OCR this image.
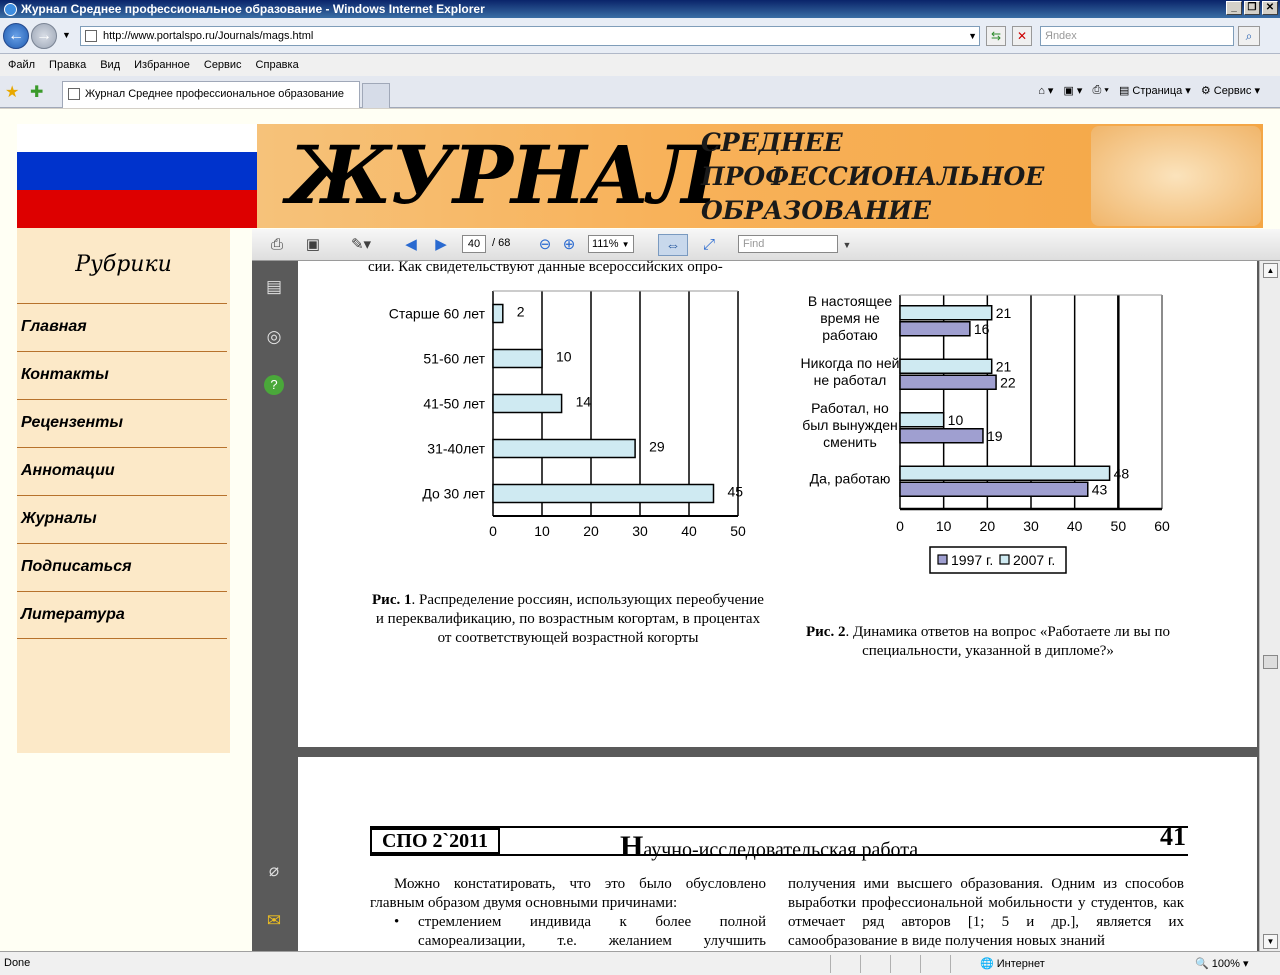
Журнал Среднее профессиональное образование - Windows Internet Explorer	_	❐ ✕
← →	▼	http://www.portalspo.ru/Journals/mags.html	▼	⇆	✕	Яndex	⌕
Файл Правка Вид Избранное Сервис Справка
★ ✚	Журнал Среднее профессиональное образование	⌂ ▾ ▣ ▾ ⎙ ▾ ▤ Страница ▾ ⚙ Сервис ▾
ЖУРНАЛ
СРЕДНЕЕ
ПРОФЕССИОНАЛЬНОЕ
ОБРАЗОВАНИЕ
Рубрики
Главная
Контакты
Рецензенты
Аннотации
Журналы
Подписаться
Литература
⎙	▣	✎▾	◀	▶	40	/ 68	⊖ ⊕	111% ▼	⇔	⤢	Find	▼
▤
◎
?
⌀
✉
сии. Как свидетельствуют данные всероссийских опро-
0	10 20 30 40 50
Старше 60 лет 2
51-60 лет	10
41-50 лет	14
31-40лет	29
До 30 лет	45
0 10 20 30 40 50 60
В настоящее
время не
работаю
21
16
Никогда по ней
не работал
21
22
Работал, но
был вынужден
сменить
10
19
Да, работаю	48
43
1997 г. 2007 г.
Рис. 1. Распределение россиян, использующих переобучение и переквалификацию, по возрастным когортам, в процентах от соответствующей возрастной когорты	Рис. 2. Динамика ответов на вопрос «Работаете ли вы по специальности, указанной в дипломе?»
СПО 2`2011	Научно-исследовательская работа	41
Можно констатировать, что это было обусловлено главным образом двумя основными причинами:
• стремлением индивида к более полной самореализации, т.е. желанием улучшить
получения ими высшего образования. Одним из способов выработки профессиональной мобильности у студентов, как отмечает ряд авторов [1; 5 и др.], является их самообразование в виде получения новых знаний
▲
▼
Done	🌐 Интернет	🔍 100% ▾
